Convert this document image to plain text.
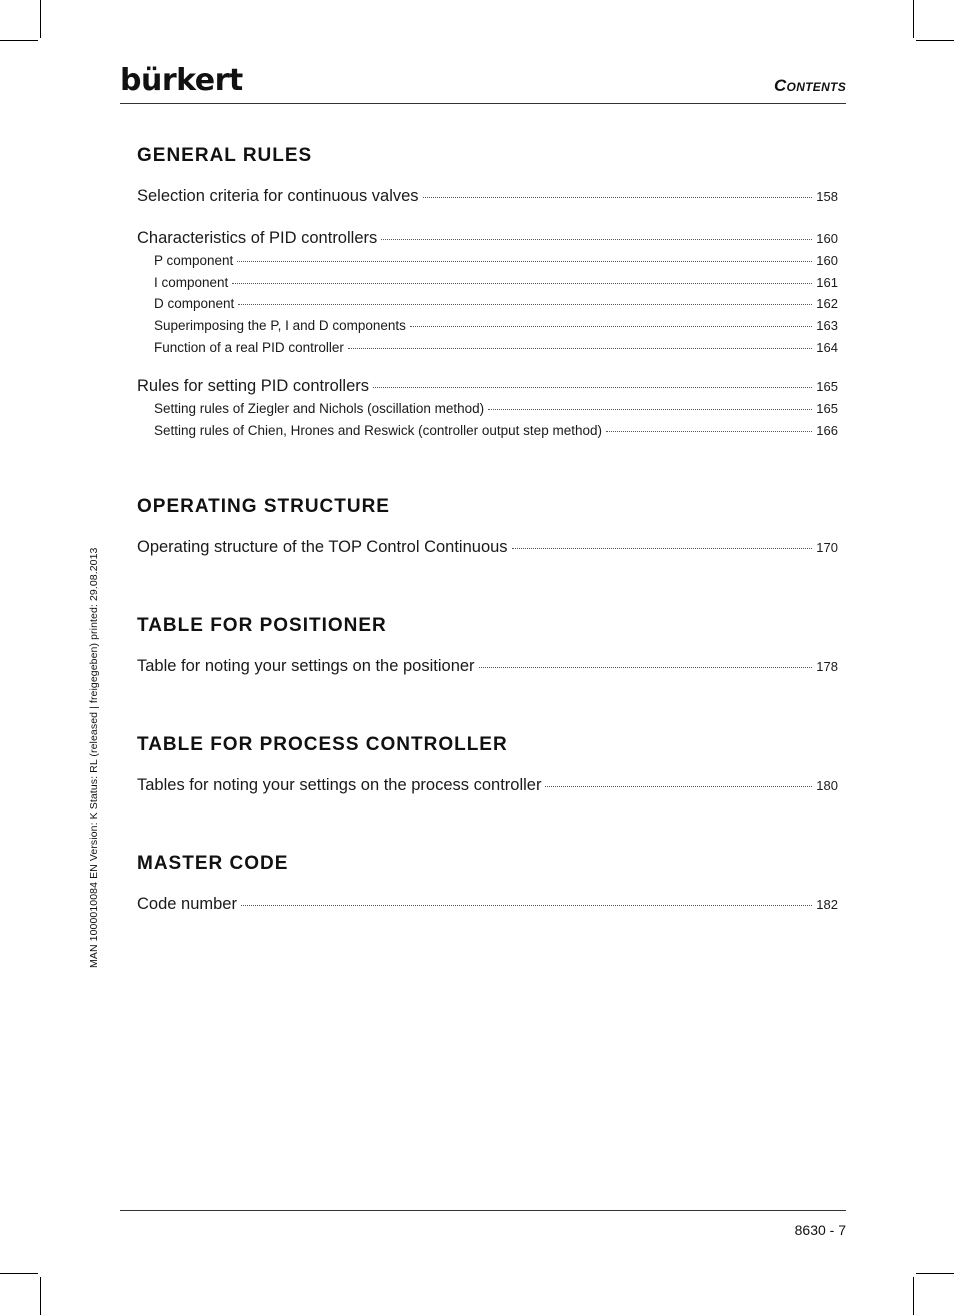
bürkert	Contents
GENERAL RULES
Selection criteria for continuous valves	158
Characteristics of PID controllers	160
P component	160
I component	161
D component	162
Superimposing the P, I and D components	163
Function of a real PID controller	164
Rules for setting PID controllers	165
Setting rules of Ziegler and Nichols (oscillation method)	165
Setting rules of Chien, Hrones and Reswick (controller output step method)	166
OPERATING STRUCTURE
Operating structure of the TOP Control Continuous	170
TABLE FOR POSITIONER
Table for noting your settings on the positioner	178
TABLE FOR PROCESS CONTROLLER
Tables for noting your settings on the process controller	180
MASTER CODE
Code number	182
MAN 1000010084 EN Version: K Status: RL (released | freigegeben) printed: 29.08.2013
8630 - 7
